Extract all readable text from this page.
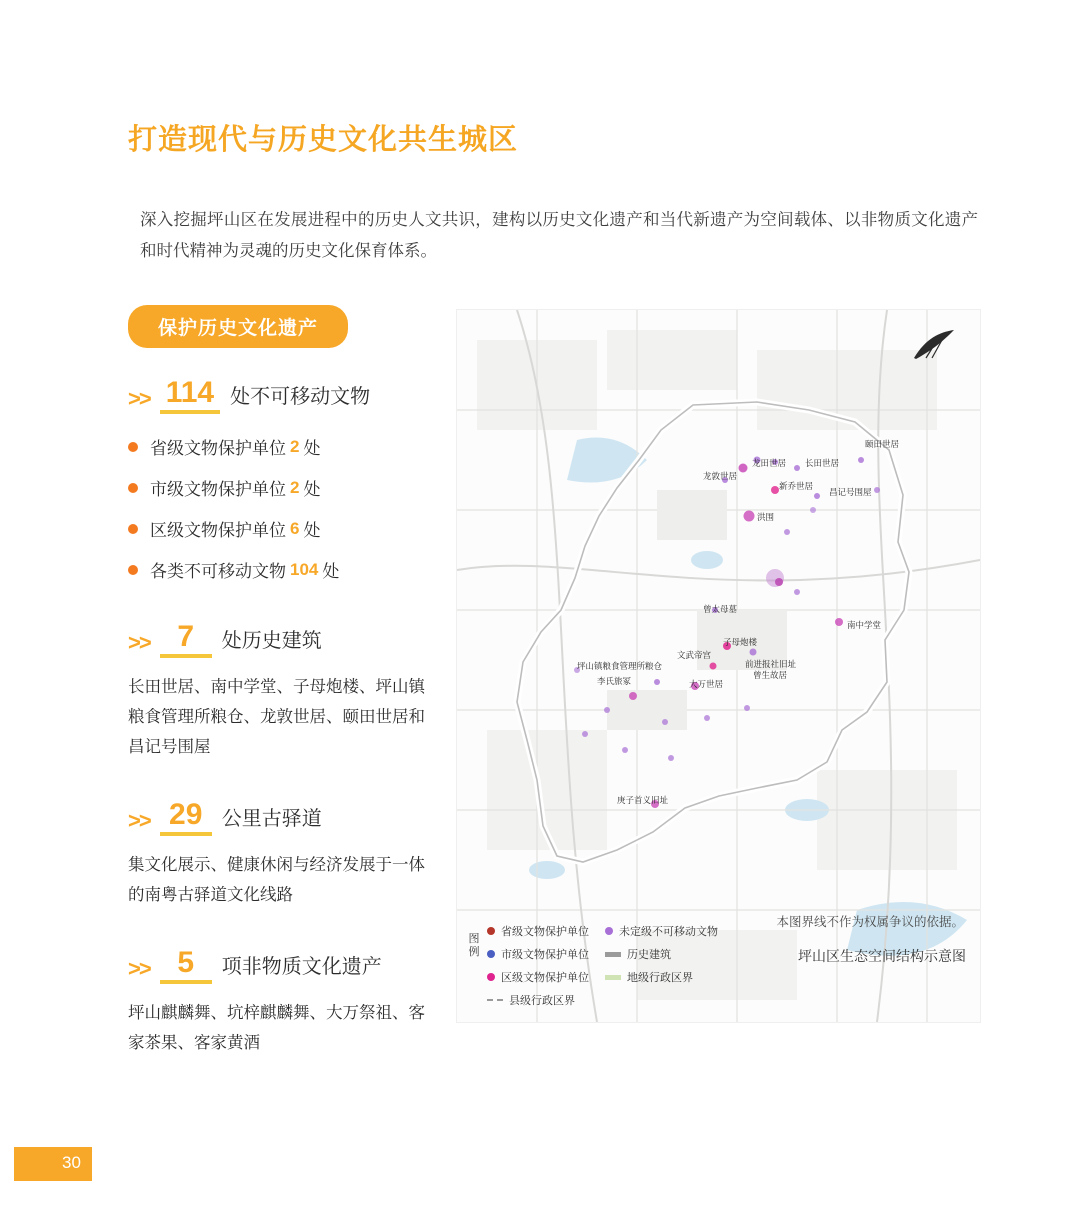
打造现代与历史文化共生城区

深入挖掘坪山区在发展进程中的历史人文共识，建构以历史文化遗产和当代新遗产为空间载体、以非物质文化遗产和时代精神为灵魂的历史文化保育体系。

保护历史文化遗产
>> 114 处不可移动文物
省级文物保护单位 2 处
市级文物保护单位 2 处
区级文物保护单位 6 处
各类不可移动文物 104 处
>> 7	处历史建筑
长田世居、南中学堂、子母炮楼、坪山镇粮食管理所粮仓、龙敦世居、颐田世居和昌记号围屋
>> 29 公里古驿道
集文化展示、健康休闲与经济发展于一体的南粤古驿道文化线路
>> 5	项非物质文化遗产
坪山麒麟舞、坑梓麒麟舞、大万祭祖、客家茶果、客家黄酒
龙田世居 长田世居
颐田世居
龙敦世居
新乔世居
昌记号围屋
洪围
曾太母墓
南中学堂
子母炮楼
文武帝宫
坪山镇粮食管理所粮仓	前进报社旧址
曾生故居
李氏旅冢	大万世居
庚子首义旧址
本图界线不作为权属争议的依据。
图例
省级文物保护单位
市级文物保护单位
区级文物保护单位
县级行政区界
未定级不可移动文物
历史建筑
地级行政区界
坪山区生态空间结构示意图
30
